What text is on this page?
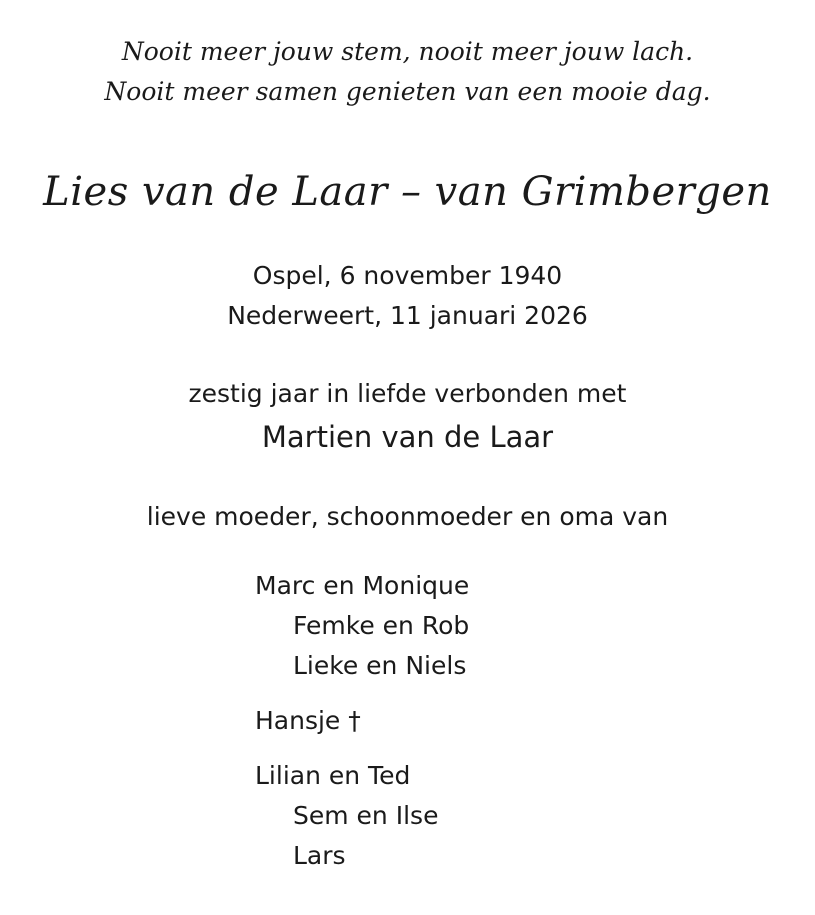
Nooit meer jouw stem, nooit meer jouw lach.
Nooit meer samen genieten van een mooie dag.
Lies van de Laar – van Grimbergen
Ospel, 6 november 1940
Nederweert, 11 januari 2026
zestig jaar in liefde verbonden met
Martien van de Laar
lieve moeder, schoonmoeder en oma van
Marc en Monique
Femke en Rob
Lieke en Niels
Hansje †
Lilian en Ted
Sem en Ilse
Lars
